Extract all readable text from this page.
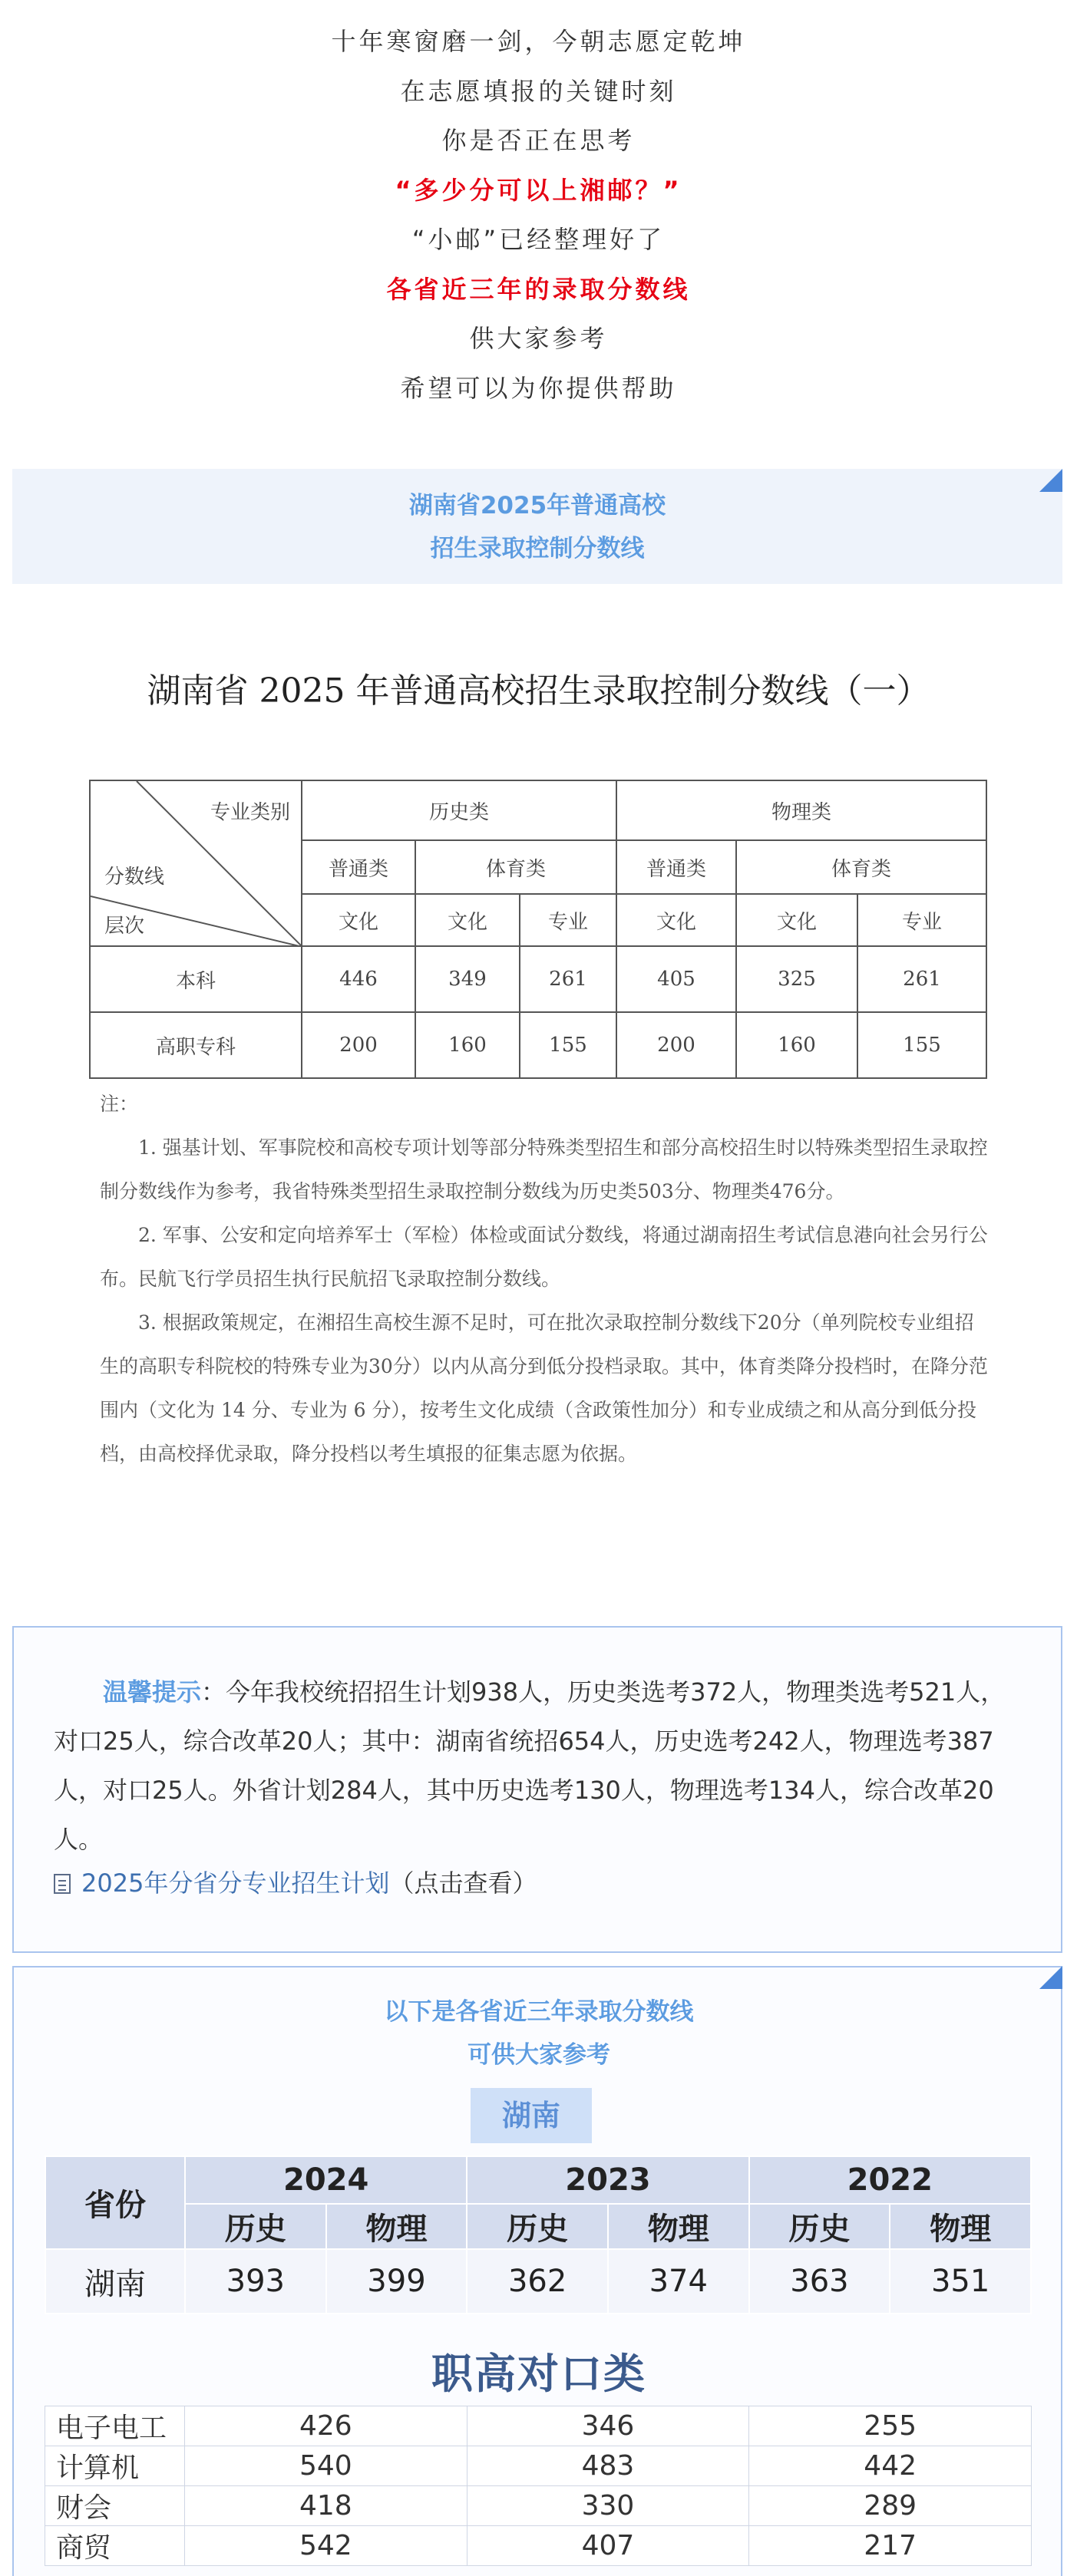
十年寒窗磨一剑，今朝志愿定乾坤
在志愿填报的关键时刻
你是否正在思考
“多少分可以上湘邮？”
“小邮”已经整理好了
各省近三年的录取分数线
供大家参考
希望可以为你提供帮助
湖南省2025年普通高校
招生录取控制分数线
湖南省 2025 年普通高校招生录取控制分数线（一）
专业类别
分数线
层次	历史类			物理类		
	普通类	体育类		普通类	体育类	
	文化	文化	专业	文化	文化	专业
本科	446	349	261	405	325	261
高职专科	200	160	155	200	160	155

注：

1. 强基计划、军事院校和高校专项计划等部分特殊类型招生和部分高校招生时以特殊类型招生录取控制分数线作为参考，我省特殊类型招生录取控制分数线为历史类503分、物理类476分。

2. 军事、公安和定向培养军士（军检）体检或面试分数线，将通过湖南招生考试信息港向社会另行公布。民航飞行学员招生执行民航招飞录取控制分数线。

3. 根据政策规定，在湘招生高校生源不足时，可在批次录取控制分数线下20分（单列院校专业组招生的高职专科院校的特殊专业为30分）以内从高分到低分投档录取。其中，体育类降分投档时，在降分范围内（文化为 14 分、专业为 6 分），按考生文化成绩（含政策性加分）和专业成绩之和从高分到低分投档，由高校择优录取，降分投档以考生填报的征集志愿为依据。

温馨提示：今年我校统招招生计划938人，历史类选考372人，物理类选考521人，对口25人，综合改革20人；其中：湖南省统招654人，历史选考242人，物理选考387人，对口25人。外省计划284人，其中历史选考130人，物理选考134人，综合改革20人。
2025年分省分专业招生计划（点击查看）
以下是各省近三年录取分数线
可供大家参考
湖南
省份	2024		2023		2022	
	历史	物理	历史	物理	历史	物理
湖南	393	399	362	374	363	351
职高对口类
电子电工	426	346	255
计算机	540	483	442
财会	418	330	289
商贸	542	407	217
